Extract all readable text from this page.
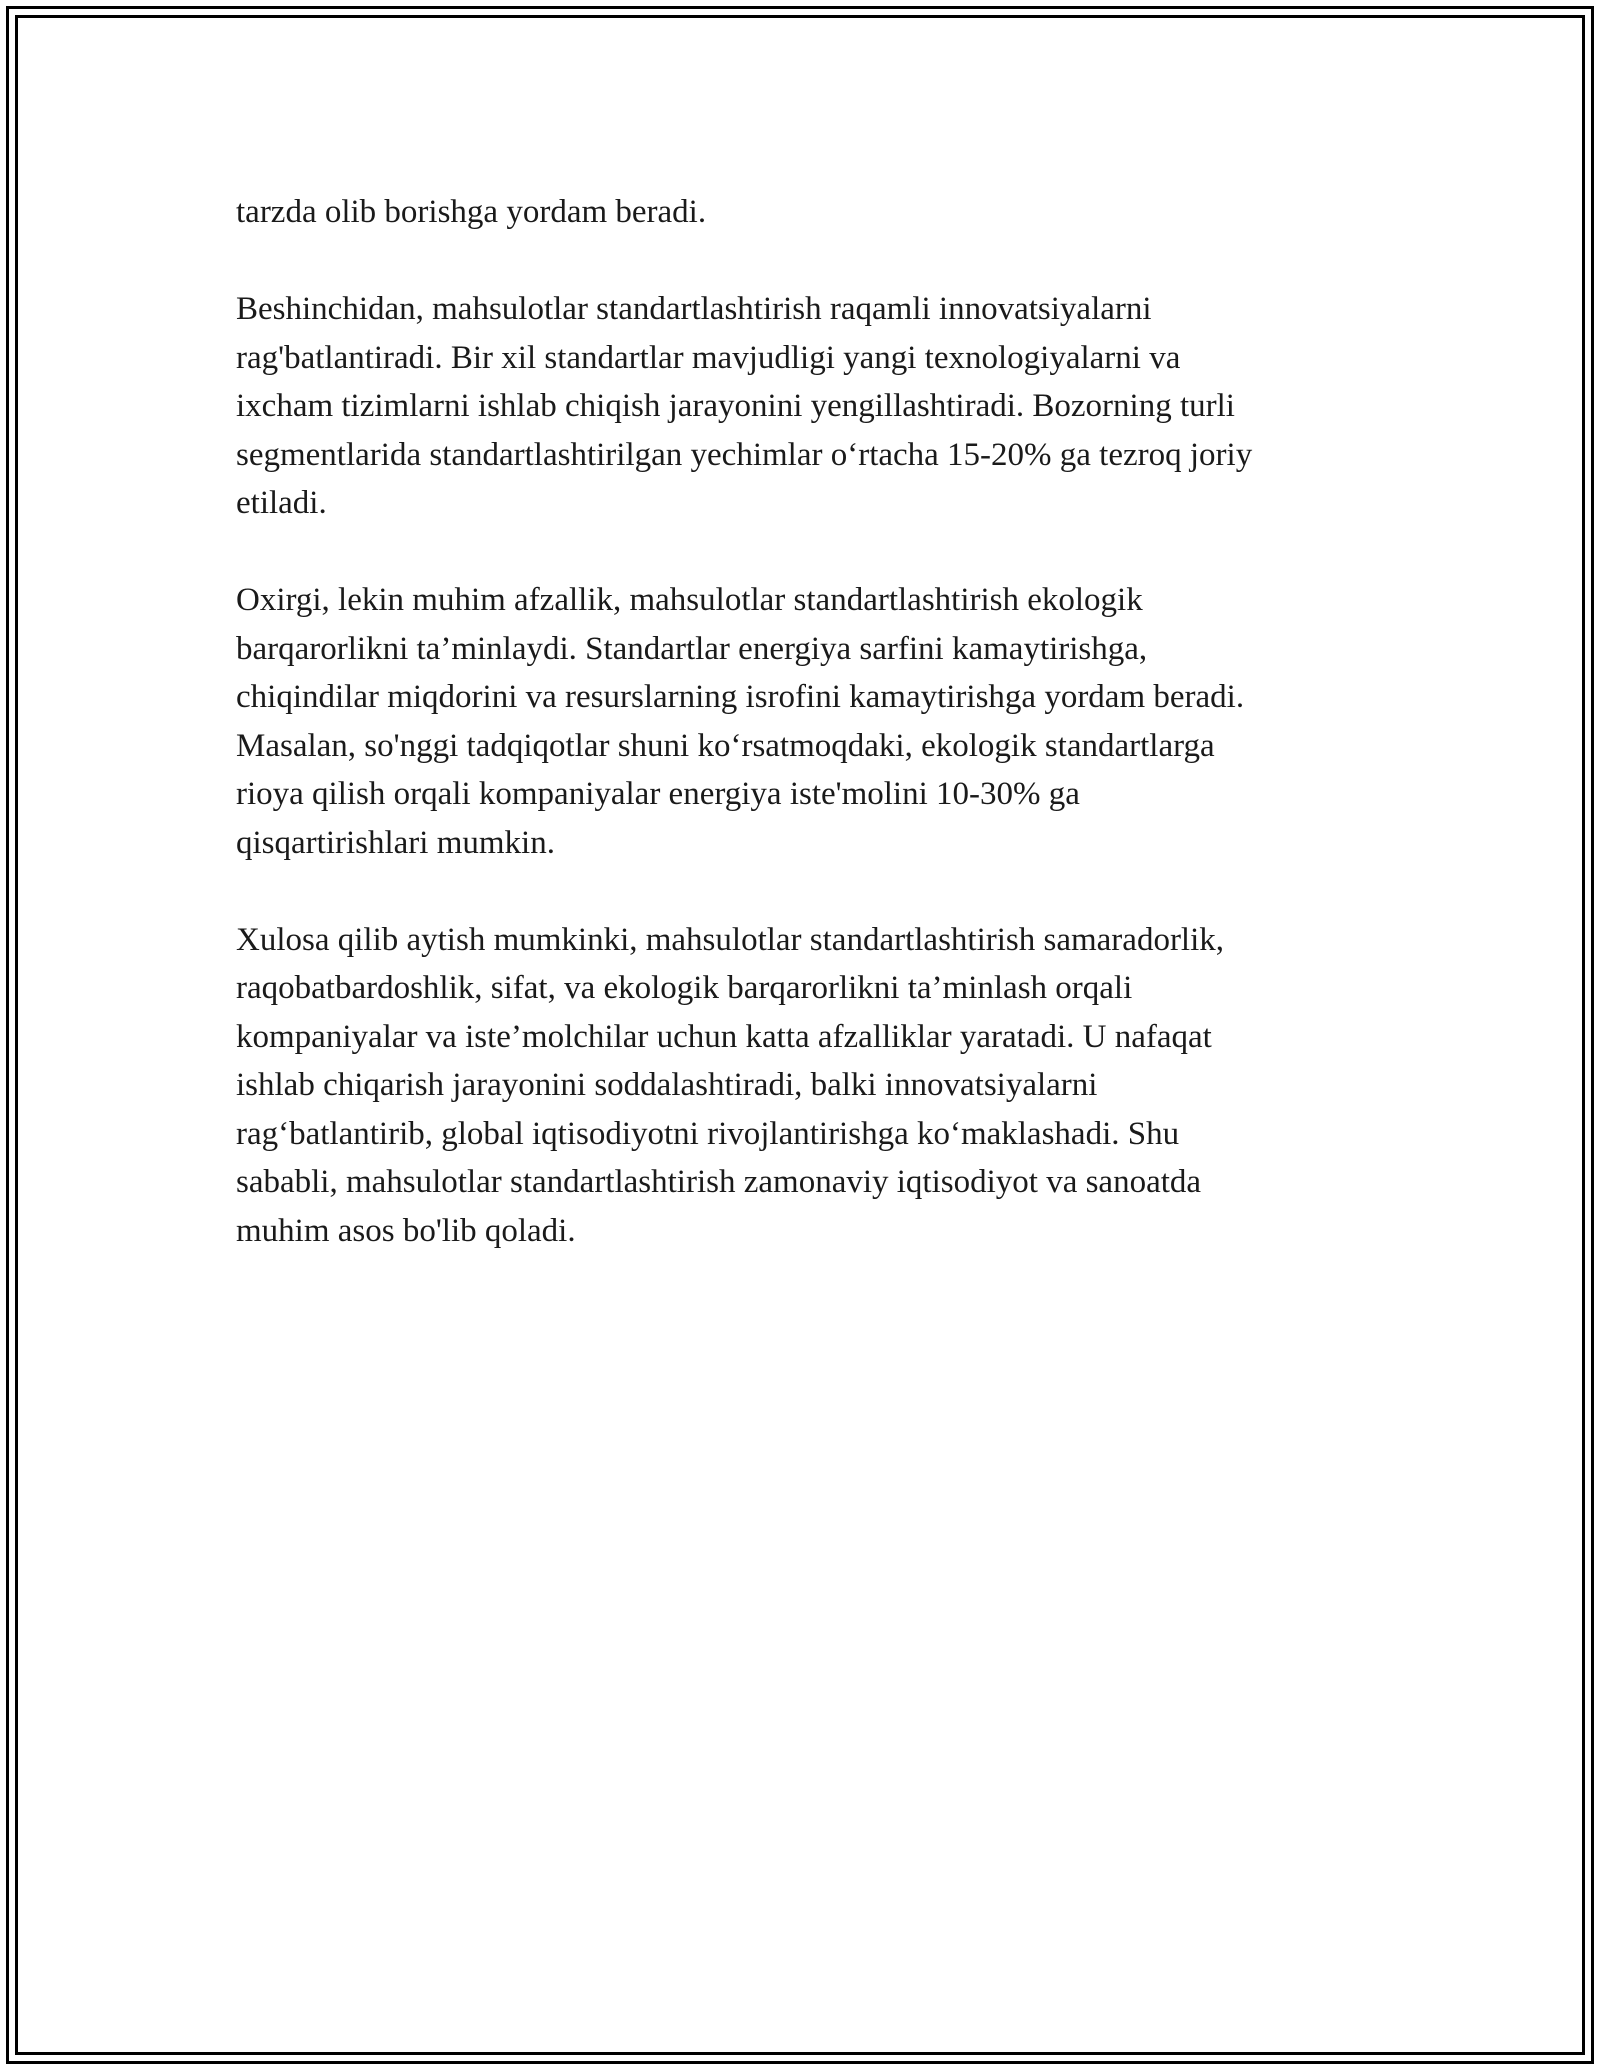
tarzda olib borishga yordam beradi.

Beshinchidan, mahsulotlar standartlashtirish raqamli innovatsiyalarni
rag'batlantiradi. Bir xil standartlar mavjudligi yangi texnologiyalarni va
ixcham tizimlarni ishlab chiqish jarayonini yengillashtiradi. Bozorning turli
segmentlarida standartlashtirilgan yechimlar o‘rtacha 15-20% ga tezroq joriy
etiladi.

Oxirgi, lekin muhim afzallik, mahsulotlar standartlashtirish ekologik
barqarorlikni ta’minlaydi. Standartlar energiya sarfini kamaytirishga,
chiqindilar miqdorini va resurslarning isrofini kamaytirishga yordam beradi.
Masalan, so'nggi tadqiqotlar shuni ko‘rsatmoqdaki, ekologik standartlarga
rioya qilish orqali kompaniyalar energiya iste'molini 10-30% ga
qisqartirishlari mumkin.

Xulosa qilib aytish mumkinki, mahsulotlar standartlashtirish samaradorlik,
raqobatbardoshlik, sifat, va ekologik barqarorlikni ta’minlash orqali
kompaniyalar va iste’molchilar uchun katta afzalliklar yaratadi. U nafaqat
ishlab chiqarish jarayonini soddalashtiradi, balki innovatsiyalarni
rag‘batlantirib, global iqtisodiyotni rivojlantirishga ko‘maklashadi. Shu
sababli, mahsulotlar standartlashtirish zamonaviy iqtisodiyot va sanoatda
muhim asos bo'lib qoladi.
